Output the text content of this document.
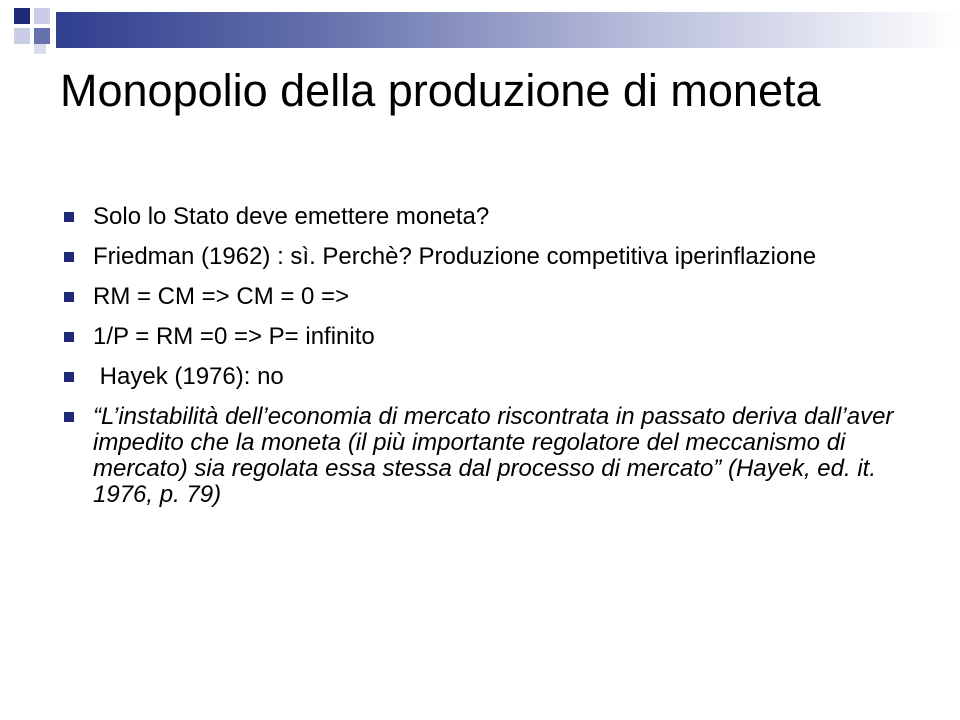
Monopolio della produzione di moneta
Solo lo Stato deve emettere moneta?
Friedman (1962) : sì. Perchè? Produzione competitiva iperinflazione
RM = CM => CM = 0 =>
1/P = RM =0 => P= infinito
Hayek (1976): no
“L’instabilità dell’economia di mercato riscontrata in passato deriva dall’aver impedito che la moneta (il più importante regolatore del meccanismo di mercato) sia regolata essa stessa dal processo di mercato” (Hayek, ed. it. 1976, p. 79)
